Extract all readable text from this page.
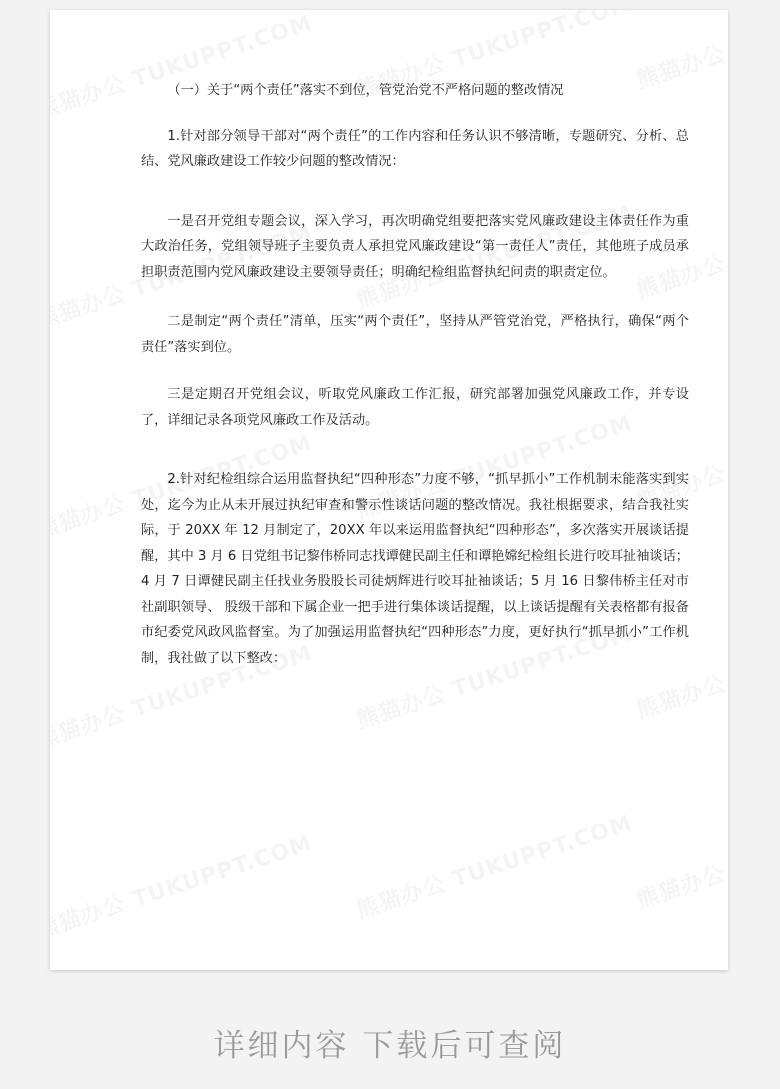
（一）关于“两个责任”落实不到位，管党治党不严格问题的整改情况

1.针对部分领导干部对“两个责任”的工作内容和任务认识不够清晰，专题研究、分析、总结、党风廉政建设工作较少问题的整改情况：

一是召开党组专题会议，深入学习，再次明确党组要把落实党风廉政建设主体责任作为重大政治任务，党组领导班子主要负责人承担党风廉政建设“第一责任人”责任，其他班子成员承担职责范围内党风廉政建设主要领导责任；明确纪检组监督执纪问责的职责定位。

二是制定“两个责任”清单，压实“两个责任”，坚持从严管党治党，严格执行，确保“两个责任”落实到位。

三是定期召开党组会议，听取党风廉政工作汇报，研究部署加强党风廉政工作，并专设了，详细记录各项党风廉政工作及活动。

2.针对纪检组综合运用监督执纪“四种形态”力度不够，“抓早抓小”工作机制未能落实到实处，迄今为止从未开展过执纪审查和警示性谈话问题的整改情况。我社根据要求，结合我社实际，于 20XX 年 12 月制定了，20XX 年以来运用监督执纪“四种形态”，多次落实开展谈话提醒，其中 3 月 6 日党组书记黎伟桥同志找谭健民副主任和谭艳嫦纪检组长进行咬耳扯袖谈话；4 月 7 日谭健民副主任找业务股股长司徒炳辉进行咬耳扯袖谈话；5 月 16 日黎伟桥主任对市社副职领导、 股级干部和下属企业一把手进行集体谈话提醒，以上谈话提醒有关表格都有报备市纪委党风政风监督室。为了加强运用监督执纪“四种形态”力度，更好执行“抓早抓小”工作机制，我社做了以下整改：

详细内容 下载后可查阅
